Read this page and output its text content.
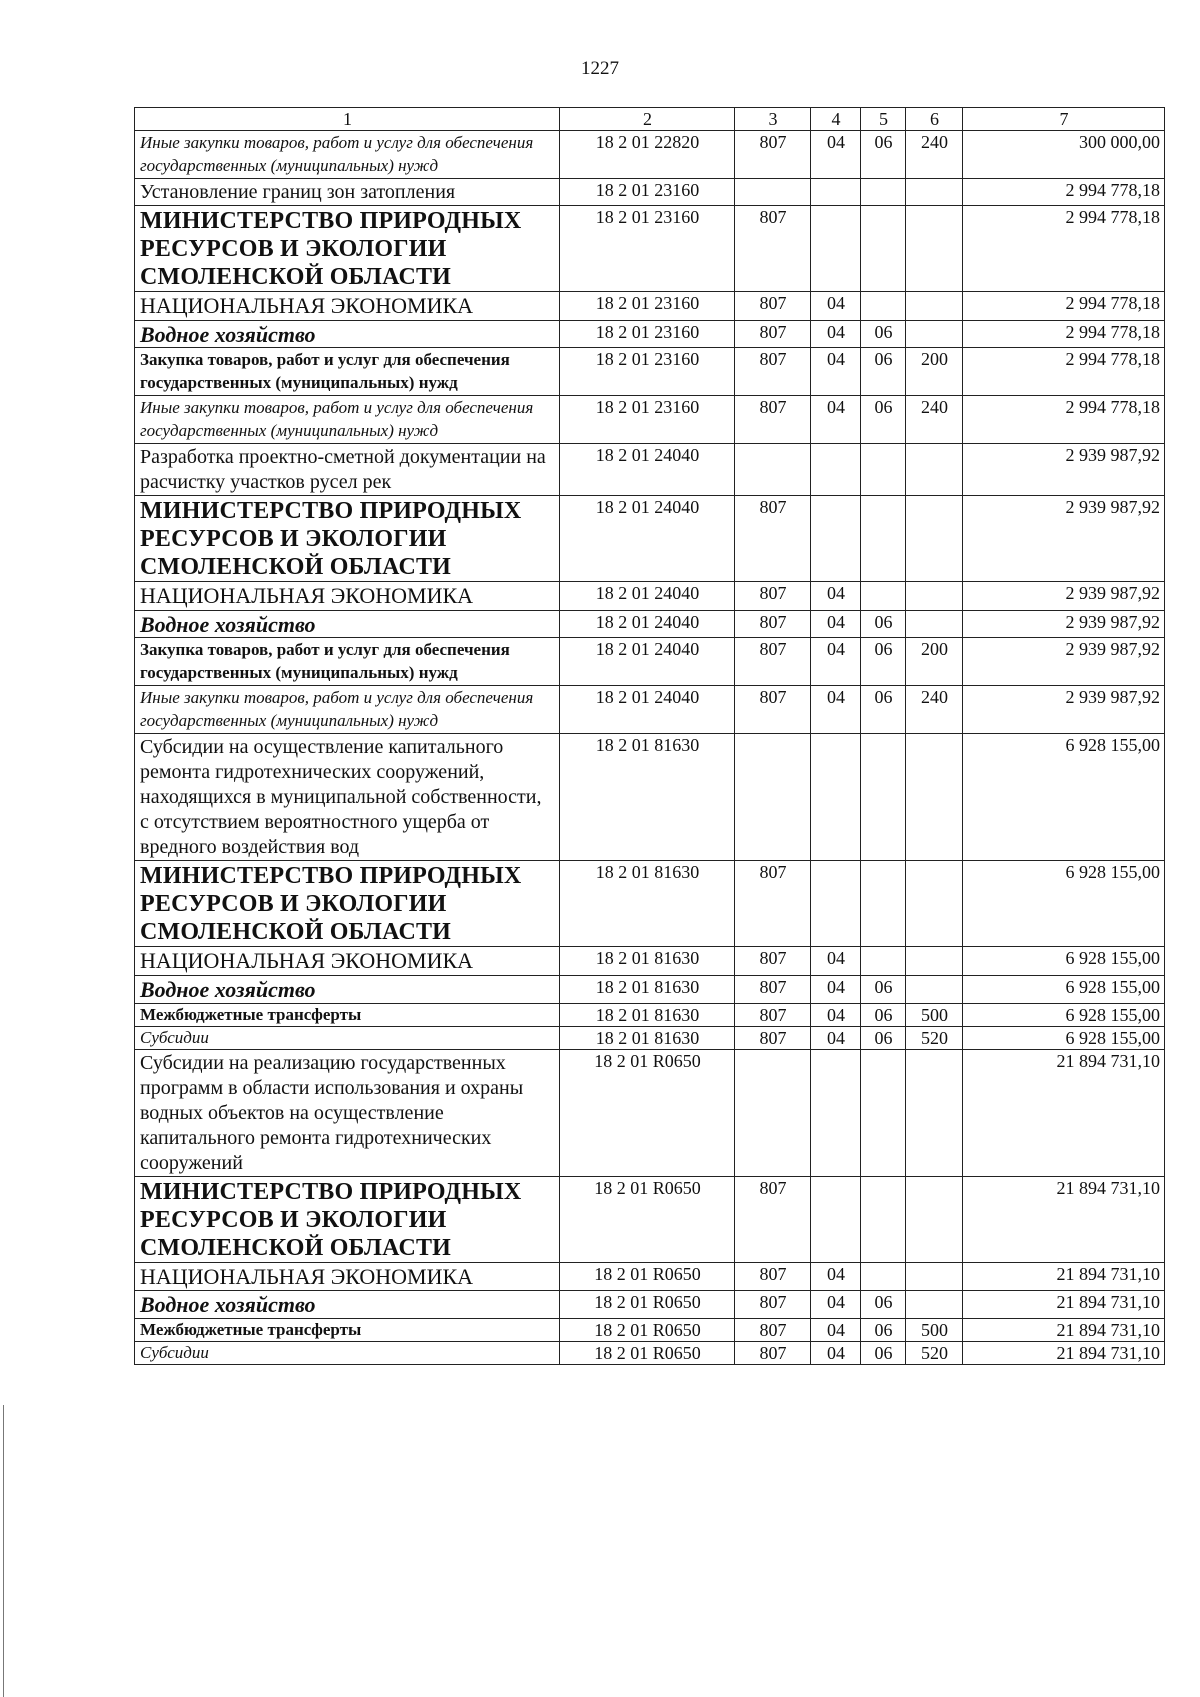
1227
1	2	3	4	5	6	7
Иные закупки товаров, работ и услуг для обеспечения государственных (муниципальных) нужд	18 2 01 22820	807	04	06	240	300 000,00
Установление границ зон затопления	18 2 01 23160					2 994 778,18
МИНИСТЕРСТВО ПРИРОДНЫХ РЕСУРСОВ И ЭКОЛОГИИ СМОЛЕНСКОЙ ОБЛАСТИ	18 2 01 23160	807				2 994 778,18
НАЦИОНАЛЬНАЯ ЭКОНОМИКА	18 2 01 23160	807	04			2 994 778,18
Водное хозяйство	18 2 01 23160	807	04	06		2 994 778,18
Закупка товаров, работ и услуг для обеспечения государственных (муниципальных) нужд	18 2 01 23160	807	04	06	200	2 994 778,18
Иные закупки товаров, работ и услуг для обеспечения государственных (муниципальных) нужд	18 2 01 23160	807	04	06	240	2 994 778,18
Разработка проектно-сметной документации на расчистку участков русел рек	18 2 01 24040					2 939 987,92
МИНИСТЕРСТВО ПРИРОДНЫХ РЕСУРСОВ И ЭКОЛОГИИ СМОЛЕНСКОЙ ОБЛАСТИ	18 2 01 24040	807				2 939 987,92
НАЦИОНАЛЬНАЯ ЭКОНОМИКА	18 2 01 24040	807	04			2 939 987,92
Водное хозяйство	18 2 01 24040	807	04	06		2 939 987,92
Закупка товаров, работ и услуг для обеспечения государственных (муниципальных) нужд	18 2 01 24040	807	04	06	200	2 939 987,92
Иные закупки товаров, работ и услуг для обеспечения государственных (муниципальных) нужд	18 2 01 24040	807	04	06	240	2 939 987,92
Субсидии на осуществление капитального ремонта гидротехнических сооружений, находящихся в муниципальной собственности, с отсутствием вероятностного ущерба от вредного воздействия вод	18 2 01 81630					6 928 155,00
МИНИСТЕРСТВО ПРИРОДНЫХ РЕСУРСОВ И ЭКОЛОГИИ СМОЛЕНСКОЙ ОБЛАСТИ	18 2 01 81630	807				6 928 155,00
НАЦИОНАЛЬНАЯ ЭКОНОМИКА	18 2 01 81630	807	04			6 928 155,00
Водное хозяйство	18 2 01 81630	807	04	06		6 928 155,00
Межбюджетные трансферты	18 2 01 81630	807	04	06	500	6 928 155,00
Субсидии	18 2 01 81630	807	04	06	520	6 928 155,00
Субсидии на реализацию государственных программ в области использования и охраны водных объектов на осуществление капитального ремонта гидротехнических сооружений	18 2 01 R0650					21 894 731,10
МИНИСТЕРСТВО ПРИРОДНЫХ РЕСУРСОВ И ЭКОЛОГИИ СМОЛЕНСКОЙ ОБЛАСТИ	18 2 01 R0650	807				21 894 731,10
НАЦИОНАЛЬНАЯ ЭКОНОМИКА	18 2 01 R0650	807	04			21 894 731,10
Водное хозяйство	18 2 01 R0650	807	04	06		21 894 731,10
Межбюджетные трансферты	18 2 01 R0650	807	04	06	500	21 894 731,10
Субсидии	18 2 01 R0650	807	04	06	520	21 894 731,10
